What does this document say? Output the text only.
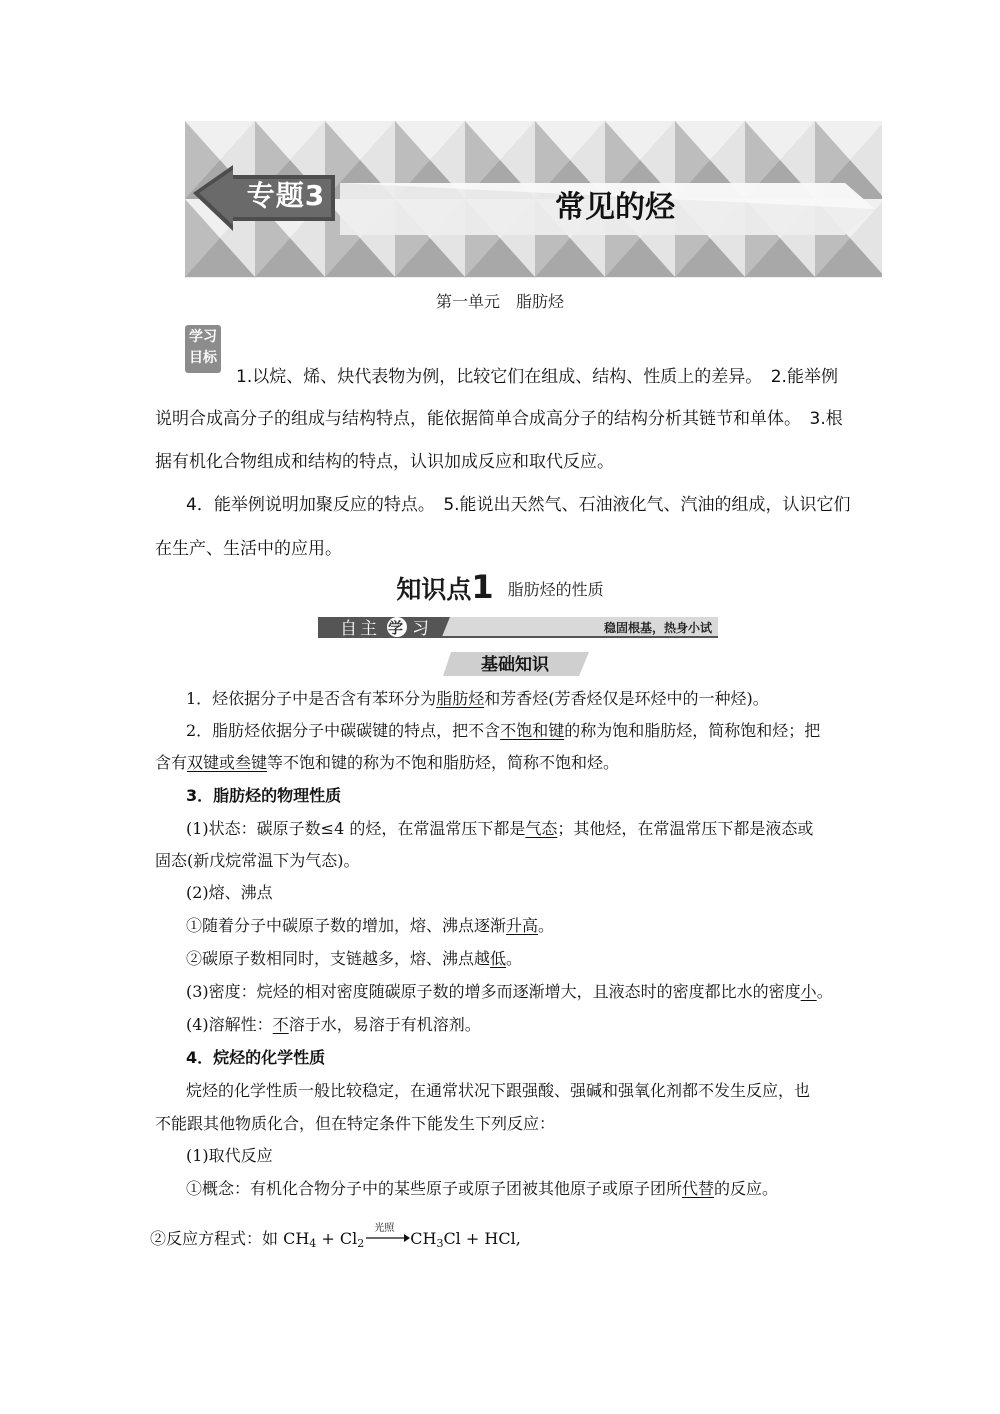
专题3	常见的烃
第一单元　脂肪烃
学习
目标
1.以烷、烯、炔代表物为例，比较它们在组成、结构、性质上的差异。　2.能举例
说明合成高分子的组成与结构特点，能依据简单合成高分子的结构分析其链节和单体。　3.根
据有机化合物组成和结构的特点，认识加成反应和取代反应。
4．能举例说明加聚反应的特点。　5.能说出天然气、石油液化气、汽油的组成，认识它们
在生产、生活中的应用。
知识点1 脂肪烃的性质
自 主 学 习	稳固根基，热身小试
基础知识
1．烃依据分子中是否含有苯环分为脂肪烃和芳香烃(芳香烃仅是环烃中的一种烃)。
2．脂肪烃依据分子中碳碳键的特点，把不含不饱和键的称为饱和脂肪烃，简称饱和烃；把
含有双键或叁键等不饱和键的称为不饱和脂肪烃，简称不饱和烃。
3．脂肪烃的物理性质
(1)状态：碳原子数≤4 的烃，在常温常压下都是气态；其他烃，在常温常压下都是液态或
固态(新戊烷常温下为气态)。
(2)熔、沸点
①随着分子中碳原子数的增加，熔、沸点逐渐升高。
②碳原子数相同时，支链越多，熔、沸点越低。
(3)密度：烷烃的相对密度随碳原子数的增多而逐渐增大，且液态时的密度都比水的密度小。
(4)溶解性：不溶于水，易溶于有机溶剂。
4．烷烃的化学性质
烷烃的化学性质一般比较稳定，在通常状况下跟强酸、强碱和强氧化剂都不发生反应，也
不能跟其他物质化合，但在特定条件下能发生下列反应：
(1)取代反应
①概念：有机化合物分子中的某些原子或原子团被其他原子或原子团所代替的反应。
②反应方程式：如 $CH_4 + Cl_2$
光照
$CH_3Cl$ + HCl,
